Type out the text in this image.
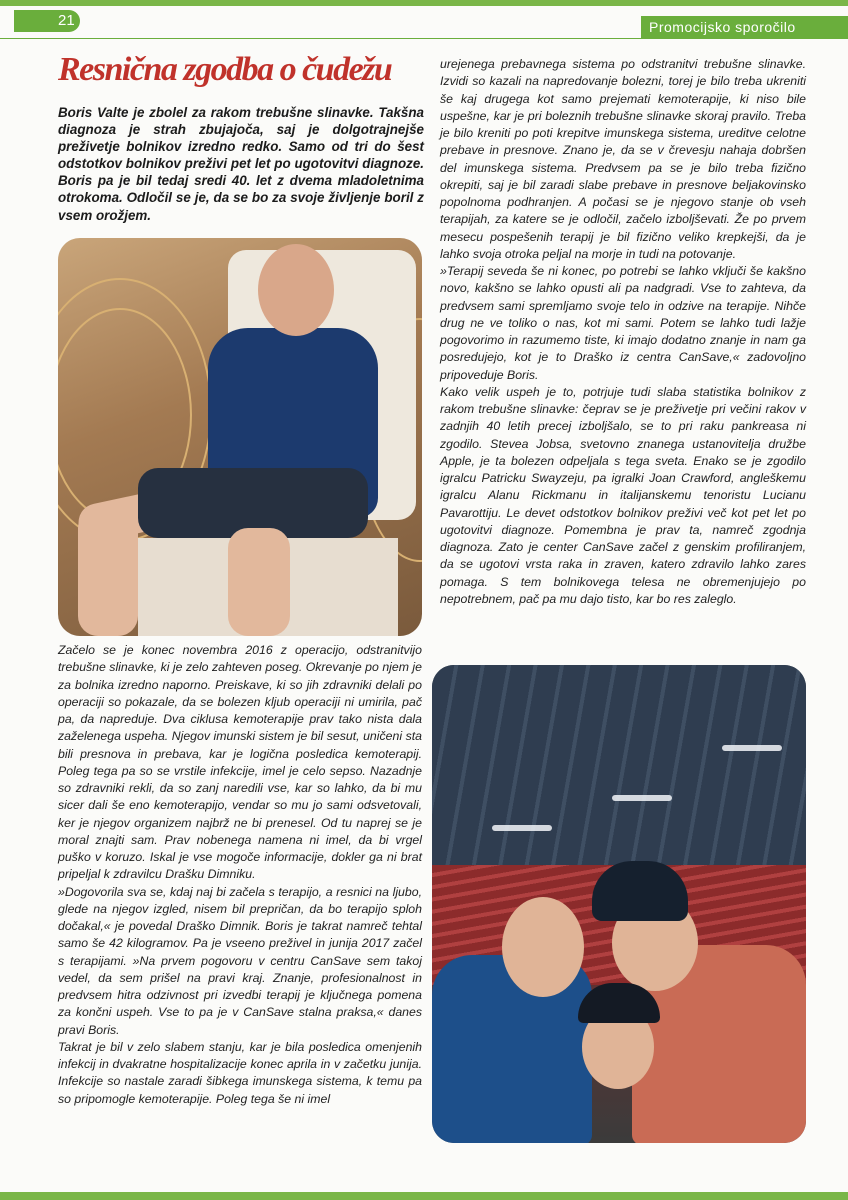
21	Promocijsko sporočilo
Resnična zgodba o čudežu
Boris Valte je zbolel za rakom trebušne slinavke. Takšna diagnoza je strah zbujajoča, saj je dolgotrajnejše preživetje bolnikov izredno redko. Samo od tri do šest odstotkov bolnikov preživi pet let po ugotovitvi diagnoze. Boris pa je bil tedaj sredi 40. let z dvema mladoletnima otrokoma. Odločil se je, da se bo za svoje življenje boril z vsem orožjem.

Začelo se je konec novembra 2016 z operacijo, odstranitvijo trebušne slinavke, ki je zelo zahteven poseg. Okrevanje po njem je za bolnika izredno naporno. Preiskave, ki so jih zdravniki delali po operaciji so pokazale, da se bolezen kljub operaciji ni umirila, pač pa, da napreduje. Dva ciklusa kemoterapije prav tako nista dala zaželenega uspeha. Njegov imunski sistem je bil sesut, uničeni sta bili presnova in prebava, kar je logična posledica kemoterapij. Poleg tega pa so se vrstile infekcije, imel je celo sepso. Nazadnje so zdravniki rekli, da so zanj naredili vse, kar so lahko, da bi mu sicer dali še eno kemoterapijo, vendar so mu jo sami odsvetovali, ker je njegov organizem najbrž ne bi prenesel. Od tu naprej se je moral znajti sam. Prav nobenega namena ni imel, da bi vrgel puško v koruzo. Iskal je vse mogoče informacije, dokler ga ni brat pripeljal k zdravilcu Drašku Dimniku.

»Dogovorila sva se, kdaj naj bi začela s terapijo, a resnici na ljubo, glede na njegov izgled, nisem bil prepričan, da bo terapijo sploh dočakal,« je povedal Draško Dimnik. Boris je takrat namreč tehtal samo še 42 kilogramov. Pa je vseeno preživel in junija 2017 začel s terapijami. »Na prvem pogovoru v centru CanSave sem takoj vedel, da sem prišel na pravi kraj. Znanje, profesionalnost in predvsem hitra odzivnost pri izvedbi terapij je ključnega pomena za končni uspeh. Vse to pa je v CanSave stalna praksa,« danes pravi Boris.

Takrat je bil v zelo slabem stanju, kar je bila posledica omenjenih infekcij in dvakratne hospitalizacije konec aprila in v začetku junija. Infekcije so nastale zaradi šibkega imunskega sistema, k temu pa so pripomogle kemoterapije. Poleg tega še ni imel

urejenega prebavnega sistema po odstranitvi trebušne slinavke. Izvidi so kazali na napredovanje bolezni, torej je bilo treba ukreniti še kaj drugega kot samo prejemati kemoterapije, ki niso bile uspešne, kar je pri boleznih trebušne slinavke skoraj pravilo. Treba je bilo kreniti po poti krepitve imunskega sistema, ureditve celotne prebave in presnove. Znano je, da se v črevesju nahaja dobršen del imunskega sistema. Predvsem pa se je bilo treba fizično okrepiti, saj je bil zaradi slabe prebave in presnove beljakovinsko popolnoma podhranjen. A počasi se je njegovo stanje ob vseh terapijah, za katere se je odločil, začelo izboljševati. Že po prvem mesecu pospešenih terapij je bil fizično veliko krepkejši, da je lahko svoja otroka peljal na morje in tudi na potovanje.

»Terapij seveda še ni konec, po potrebi se lahko vključi še kakšno novo, kakšno se lahko opusti ali pa nadgradi. Vse to zahteva, da predvsem sami spremljamo svoje telo in odzive na terapije. Nihče drug ne ve toliko o nas, kot mi sami. Potem se lahko tudi lažje pogovorimo in razumemo tiste, ki imajo dodatno znanje in nam ga posredujejo, kot je to Draško iz centra CanSave,« zadovoljno pripoveduje Boris.

Kako velik uspeh je to, potrjuje tudi slaba statistika bolnikov z rakom trebušne slinavke: čeprav se je preživetje pri večini rakov v zadnjih 40 letih precej izboljšalo, se to pri raku pankreasa ni zgodilo. Stevea Jobsa, svetovno znanega ustanovitelja družbe Apple, je ta bolezen odpeljala s tega sveta. Enako se je zgodilo igralcu Patricku Swayzeju, pa igralki Joan Crawford, angleškemu igralcu Alanu Rickmanu in italijanskemu tenoristu Lucianu Pavarottiju. Le devet odstotkov bolnikov preživi več kot pet let po ugotovitvi diagnoze. Pomembna je prav ta, namreč zgodnja diagnoza. Zato je center CanSave začel z genskim profiliranjem, da se ugotovi vrsta raka in zraven, katero zdravilo lahko zares pomaga. S tem bolnikovega telesa ne obremenjujejo po nepotrebnem, pač pa mu dajo tisto, kar bo res zaleglo.
